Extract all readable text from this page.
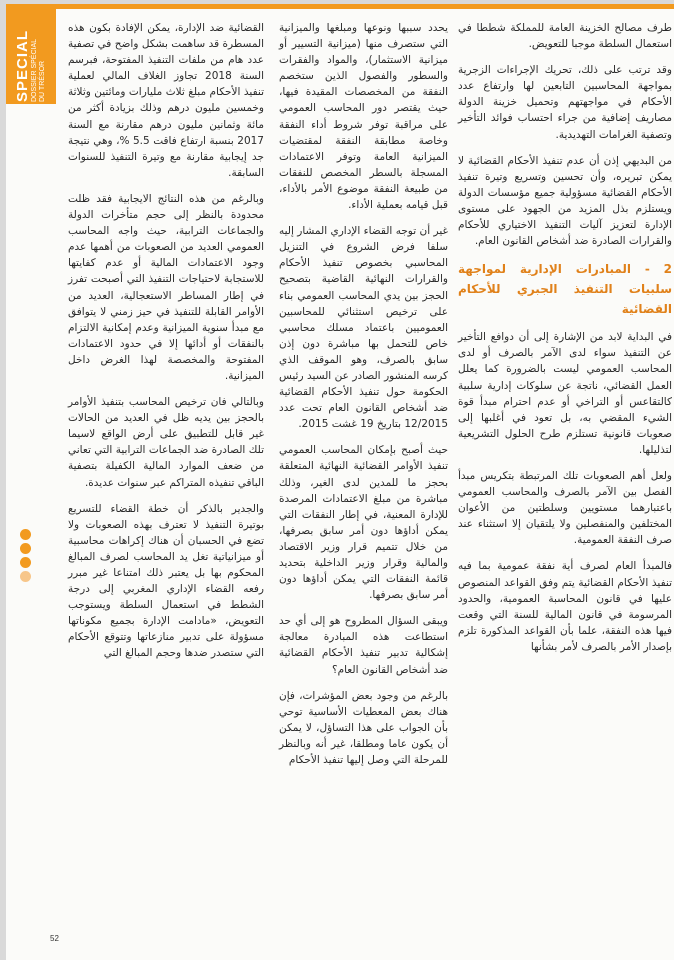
SPECIAL DOSSIER SPÉCIAL DU TRÉSOR

طرف مصالح الخزينة العامة للمملكة شططا في استعمال السلطة موجبا للتعويض.

وقد ترتب على ذلك، تحريك الإجراءات الزجرية بمواجهة المحاسبين التابعين لها وارتفاع عدد الأحكام في مواجهتهم وتحميل خزينة الدولة مصاريف إضافية من جراء احتساب فوائد التأخير وتصفية الغرامات التهديدية.

من البديهي إذن أن عدم تنفيذ الأحكام القضائية لا يمكن تبريره، وأن تحسين وتسريع وتيرة تنفيذ الأحكام القضائية مسؤولية جميع مؤسسات الدولة ويستلزم بذل المزيد من الجهود على مستوى الإدارة لتعزيز آليات التنفيذ الاختياري للأحكام والقرارات الصادرة ضد أشخاص القانون العام.

2 - المبادرات الإدارية لمواجهة سلبيات التنفيذ الجبري للأحكام القضائية

في البداية لابد من الإشارة إلى أن دوافع التأخير عن التنفيذ سواء لدى الآمر بالصرف أو لدى المحاسب العمومي ليست بالضرورة كما يعلل العمل القضائي، ناتجة عن سلوكات إدارية سلبية كالتقاعس أو التراخي أو عدم احترام مبدأ قوة الشيء المقضي به، بل تعود في أغلبها إلى صعوبات قانونية تستلزم طرح الحلول التشريعية لتذليلها.

ولعل أهم الصعوبات تلك المرتبطة بتكريس مبدأ الفصل بين الآمر بالصرف والمحاسب العمومي باعتبارهما مستويين وسلطتين من الأعوان المختلفين والمنفصلين ولا يلتقيان إلا استثناء عند صرف النفقة العمومية.

فالمبدأ العام لصرف أية نفقة عمومية بما فيه تنفيذ الأحكام القضائية يتم وفق القواعد المنصوص عليها في قانون المحاسبة العمومية، والحدود المرسومة في قانون المالية للسنة التي وقعت فيها هذه النفقة، علما بأن القواعد المذكورة تلزم بإصدار الأمر بالصرف لأمر بشأنها

يحدد سببها ونوعها ومبلغها والميزانية التي ستصرف منها (ميزانية التسيير أو ميزانية الاستثمار)، والمواد والفقرات والسطور والفصول الذين ستخصم النفقة من المخصصات المقيدة فيها، حيث يقتصر دور المحاسب العمومي على مراقبة توفر شروط أداء النفقة وخاصة مطابقة النفقة لمقتضيات الميزانية العامة وتوفر الاعتمادات المسجلة بالسطر المخصص للنفقات من طبيعة النفقة موضوع الأمر بالأداء، قبل قيامه بعملية الأداء.

غير أن توجه القضاء الإداري المشار إليه سلفا فرض الشروع في التنزيل المحاسبي بخصوص تنفيذ الأحكام والقرارات النهائية القاضية بتصحيح الحجز بين يدي المحاسب العمومي بناء على ترخيص استثنائي للمحاسبين العموميين باعتماد مسلك محاسبي خاص للتحمل بها مباشرة دون إذن سابق بالصرف، وهو الموقف الذي كرسه المنشور الصادر عن السيد رئيس الحكومة حول تنفيذ الأحكام القضائية ضد أشخاص القانون العام تحت عدد 12/2015 بتاريخ 19 غشت 2015.

حيث أصبح بإمكان المحاسب العمومي تنفيذ الأوامر القضائية النهائية المتعلقة بحجز ما للمدين لدى الغير، وذلك مباشرة من مبلغ الاعتمادات المرصدة للإدارة المعنية، في إطار النفقات التي يمكن أداؤها دون أمر سابق بصرفها، من خلال تتميم قرار وزير الاقتصاد والمالية وقرار وزير الداخلية بتحديد قائمة النفقات التي يمكن أداؤها دون أمر سابق بصرفها.

ويبقى السؤال المطروح هو إلى أي حد استطاعت هذه المبادرة معالجة إشكالية تدبير تنفيذ الأحكام القضائية ضد أشخاص القانون العام؟

بالرغم من وجود بعض المؤشرات، فإن هناك بعض المعطيات الأساسية توحي بأن الجواب على هذا التساؤل، لا يمكن أن يكون عاما ومطلقا، غير أنه وبالنظر للمرحلة التي وصل إليها تنفيذ الأحكام

القضائية ضد الإدارة، يمكن الإفادة بكون هذه المسطرة قد ساهمت بشكل واضح في تصفية عدد هام من ملفات التنفيذ المفتوحة، فبرسم السنة 2018 تجاوز الغلاف المالي لعملية تنفيذ الأحكام مبلغ ثلاث مليارات ومائتين وثلاثة وخمسين مليون درهم وذلك بزيادة أكثر من مائة وثمانين مليون درهم مقارنة مع السنة 2017 بنسبة ارتفاع فاقت 5.5 %، وهي نتيجة جد إيجابية مقارنة مع وتيرة التنفيذ للسنوات السابقة.

وبالرغم من هذه النتائج الايجابية فقد ظلت محدودة بالنظر إلى حجم متأخرات الدولة والجماعات الترابية، حيث واجه المحاسب العمومي العديد من الصعوبات من أهمها عدم وجود الاعتمادات المالية أو عدم كفايتها للاستجابة لاحتياجات التنفيذ التي أصبحت تفرز في إطار المساطر الاستعجالية، العديد من الأوامر القابلة للتنفيذ في حيز زمني لا يتوافق مع مبدأ سنوية الميزانية وعدم إمكانية الالتزام بالنفقات أو أدائها إلا في حدود الاعتمادات المفتوحة والمخصصة لهذا الغرض داخل الميزانية.

وبالتالي فان ترخيص المحاسب بتنفيذ الأوامر بالحجز بين يديه ظل في العديد من الحالات غير قابل للتطبيق على أرض الواقع لاسيما تلك الصادرة ضد الجماعات الترابية التي تعاني من ضعف الموارد المالية الكفيلة بتصفية الباقي تنفيذه المتراكم عبر سنوات عديدة.

والجدير بالذكر أن خطة القضاء للتسريع بوتيرة التنفيذ لا تعترف بهذه الصعوبات ولا تضع في الحسبان أن هناك إكراهات محاسبية أو ميزانياتية تغل يد المحاسب لصرف المبالغ المحكوم بها بل يعتبر ذلك امتناعا غير مبرر رفعه القضاء الإداري المغربي إلى درجة الشطط في استعمال السلطة ويستوجب التعويض، «مادامت الإدارة بجميع مكوناتها مسؤولة على تدبير منازعاتها وتتوقع الأحكام التي ستصدر ضدها وحجم المبالغ التي

52
